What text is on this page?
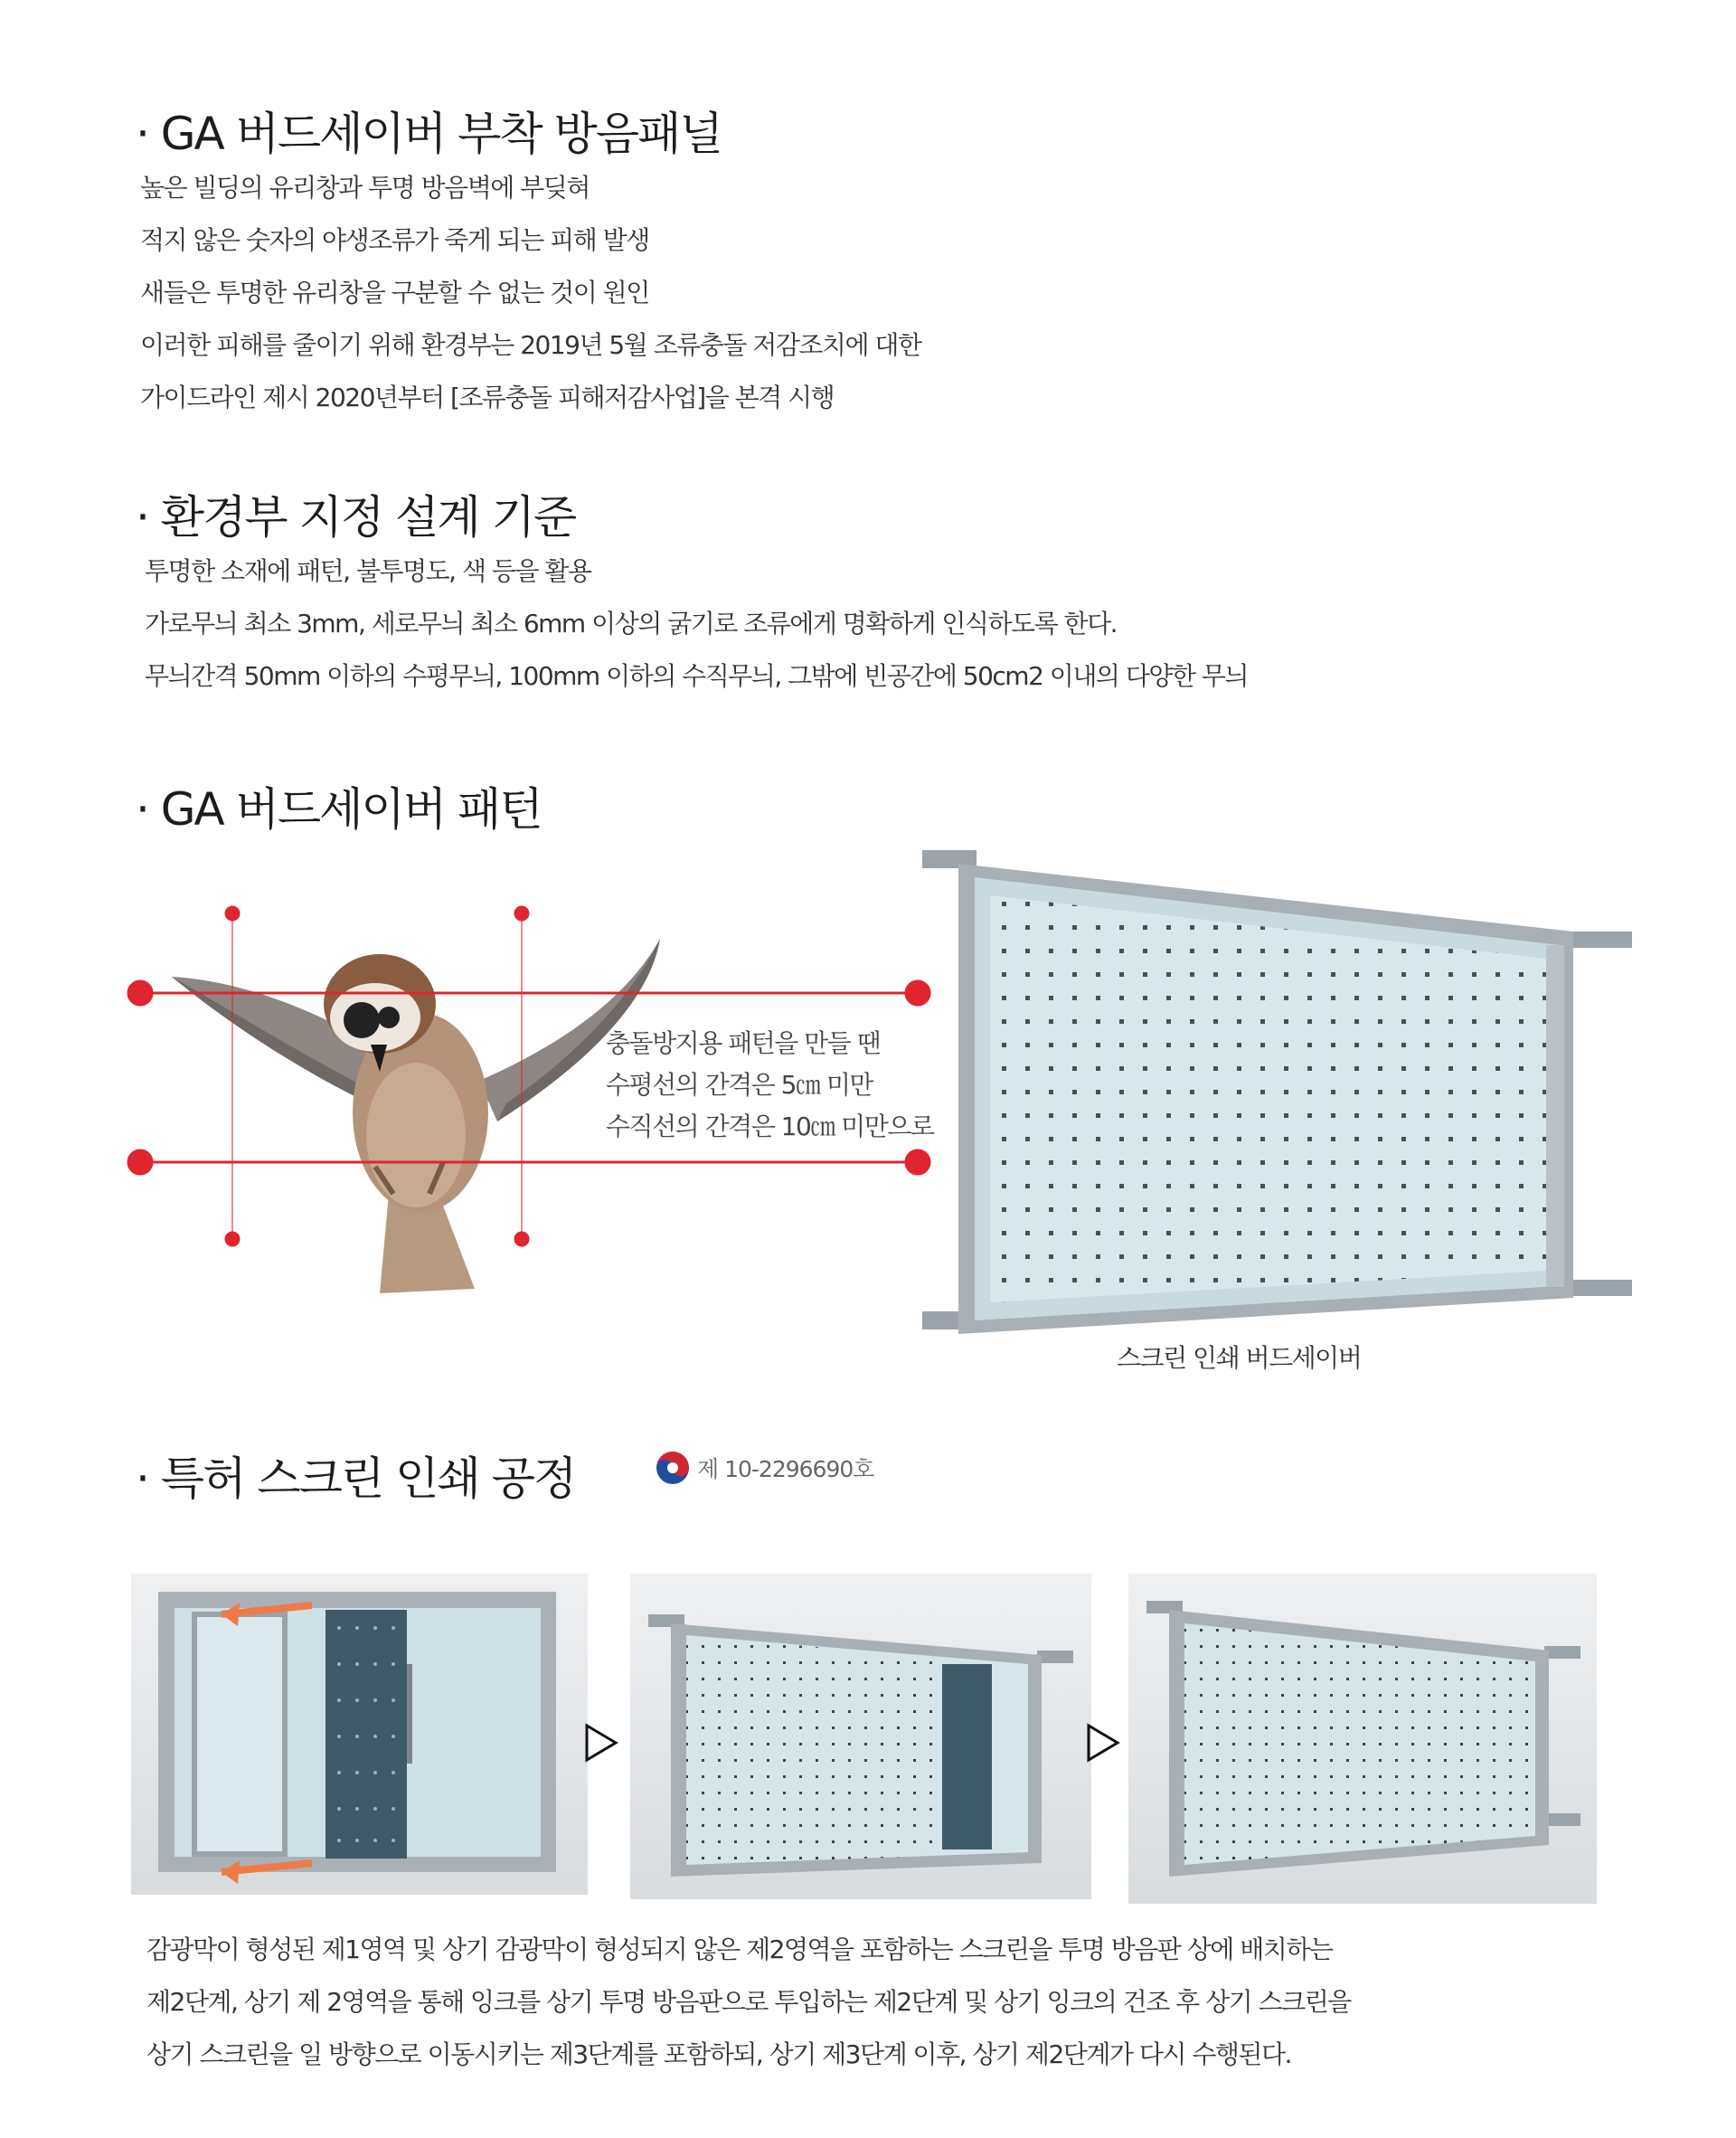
· GA 버드세이버 부착 방음패널
높은 빌딩의 유리창과 투명 방음벽에 부딪혀
적지 않은 숫자의 야생조류가 죽게 되는 피해 발생
새들은 투명한 유리창을 구분할 수 없는 것이 원인
이러한 피해를 줄이기 위해 환경부는 2019년 5월 조류충돌 저감조치에 대한
가이드라인 제시 2020년부터 [조류충돌 피해저감사업]을 본격 시행
· 환경부 지정 설계 기준
투명한 소재에 패턴, 불투명도, 색 등을 활용
가로무늬 최소 3mm, 세로무늬 최소 6mm 이상의 굵기로 조류에게 명확하게 인식하도록 한다.
무늬간격 50mm 이하의 수평무늬, 100mm 이하의 수직무늬, 그밖에 빈공간에 50cm2 이내의 다양한 무늬
· GA 버드세이버 패턴
충돌방지용 패턴을 만들 땐
수평선의 간격은 5㎝ 미만
수직선의 간격은 10㎝ 미만으로
스크린 인쇄 버드세이버
· 특허 스크린 인쇄 공정	제 10-2296690호
감광막이 형성된 제1영역 및 상기 감광막이 형성되지 않은 제2영역을 포함하는 스크린을 투명 방음판 상에 배치하는
제2단계, 상기 제 2영역을 통해 잉크를 상기 투명 방음판으로 투입하는 제2단계 및 상기 잉크의 건조 후 상기 스크린을
상기 스크린을 일 방향으로 이동시키는 제3단계를 포함하되, 상기 제3단계 이후, 상기 제2단계가 다시 수행된다.
